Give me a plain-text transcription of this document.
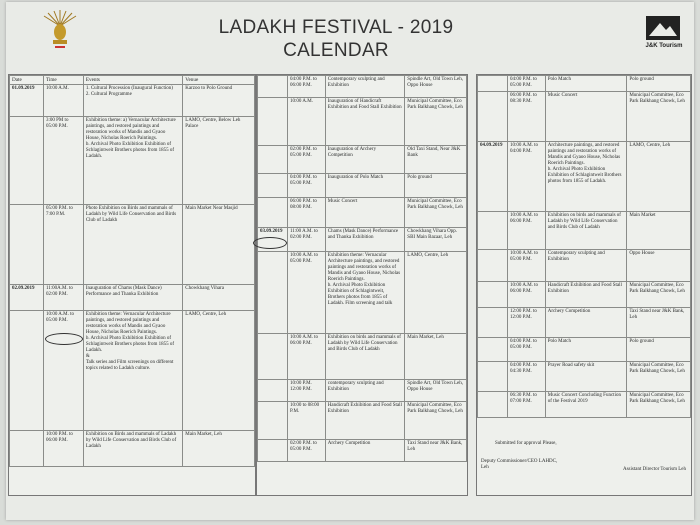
LADAKH FESTIVAL - 2019
CALENDAR	J&K Tourism
Date	Time	Events	Venue
01.09.2019	10:00 A.M.	1. Cultural Procession (Inaugural Function)
2. Cultural Programme	Karzoo to Polo Ground
	3:00 PM to 05:00 P.M.	Exhibition theme: a) Vernacular Architecture paintings, and restored paintings and restoration works of Mandis and Gyaoo House, Nicholas Roerich Paintings.
b. Archival Photo Exhibition Exhibition of Schlagintweit Brothers photos from 1855 of Ladakh.	LAMO, Centre, Below Leh Palace
	05:00 P.M. to 7:00 P.M.	Photo Exhibition on Birds and mammals of Ladakh by Wild Life Conservation and Birds Club of Ladakh	Main Market Near Masjid
02.09.2019	11:00A.M. to 02:00 P.M.	Inauguration of Chams (Mask Dance) Performance and Thanka Exhibition	Chowkhang Vihara
	10:00 A.M. to 05:00 P.M.	Exhibition theme: Vernacular Architecture paintings, and restored paintings and restoration works of Mandis and Gyaoo House, Nicholas Roerich Paintings.
b. Archival Photo Exhibition Exhibition of Schlagintweit Brothers photos from 1855 of Ladakh.
&
Talk series and Film screenings on different topics related to Ladakh culture.	LAMO, Centre, Leh
	10:00 P.M. to 06:00 P.M.	Exhibition on Birds and mammals of Ladakh by Wild Life Conservation and Birds Club of Ladakh	Main Market, Leh
	04:00 P.M. to 06:00 P.M.	Contemporary sculpting and Exhibition	Spindle Art, Old Town Leh, Oppo House
	10:00 A.M.	Inauguration of Handicraft Exhibition and Food Stall Exhibition	Municipal Committee, Eco Park Balkhang Chowk, Leh
	02:00 P.M. to 05:00 P.M.	Inauguration of Archery Competition	Old Taxi Stand, Near J&K Bank
	04:00 P.M. to 05:00 P.M.	Inauguration of Polo Match	Polo ground
	06:00 P.M. to 08:00 P.M.	Music Concert	Municipal Committee, Eco Park Balkhang Chowk, Leh
03.09.2019	11:00 A.M. to 02:00 P.M.	Chams (Mask Dance) Performance and Thanka Exhibition	Chowkhang Vihara Opp. SBI Main Bazaar, Leh
	10:00 A.M. to 05:00 P.M.	Exhibition theme: Vernacular Architecture paintings, and restored paintings and restoration works of Mandis and Gyaoo House, Nicholas Roerich Paintings.
b. Archival Photo Exhibition Exhibition of Schlagintweit, Brothers photos from 1855 of Ladakh. Film screening and talk	LAMO, Centre, Leh
	10:00 A.M. to 06:00 P.M.	Exhibition on birds and mammals of Ladakh by Wild Life Conservation and Birds Club of Ladakh	Main Market, Leh
	10:00 P.M. 12:00 P.M.	contemporary sculpting and Exhibition	Spindle Art, Old Town Leh, Oppo House
	10:00 to 08:00 P.M.	Handicraft Exhibition and Food Stall Exhibition	Municipal Committee, Eco Park Balkhang Chowk, Leh
	02:00 P.M. to 05:00 P.M.	Archery Competition	Taxi Stand near J&K Bank, Leh
	04:00 P.M. to 05:00 P.M.	Polo Match	Polo ground
	06:00 P.M. to 08:30 P.M.	Music Concert	Municipal Committee, Eco Park Balkhang Chowk, Leh
04.09.2019	10:00 A.M. to 04:00 P.M.	Architecture paintings, and restored paintings and restoration works of Mandis and Gyaoo House, Nicholas Roerich Paintings.
b. Archival Photo Exhibition Exhibition of Schlagintweit Brothers photos from 1855 of Ladakh.	LAMO, Centre, Leh
	10:00 A.M. to 06:00 P.M.	Exhibition on birds and mammals of Ladakh by Wild Life Conservation and Birds Club of Ladakh	Main Market
	10:00 A.M. to 05:00 P.M.	Contemporary sculpting and Exhibition	Oppo House
	10:00 A.M. to 06:00 P.M.	Handicraft Exhibition and Food Stall Exhibition	Municipal Committee, Eco Park Balkhang Chowk, Leh
	12:00 P.M. to 12:00 P.M.	Archery Competition	Taxi Stand near J&K Bank, Leh
	04:00 P.M. to 05:00 P.M.	Polo Match	Polo ground
	04:00 P.M. to 04:30 P.M.	Prayer Road safety skit	Municipal Committee, Eco Park Balkhang Chowk, Leh
	06:30 P.M. to 07:00 P.M.	Music Concert Concluding Function of the Festival 2019	Municipal Committee, Eco Park Balkhang Chowk, Leh
Submitted for approval Please,
Deputy Commissioner/CEO LAHDC, Leh	Assistant Director Tourism Leh
